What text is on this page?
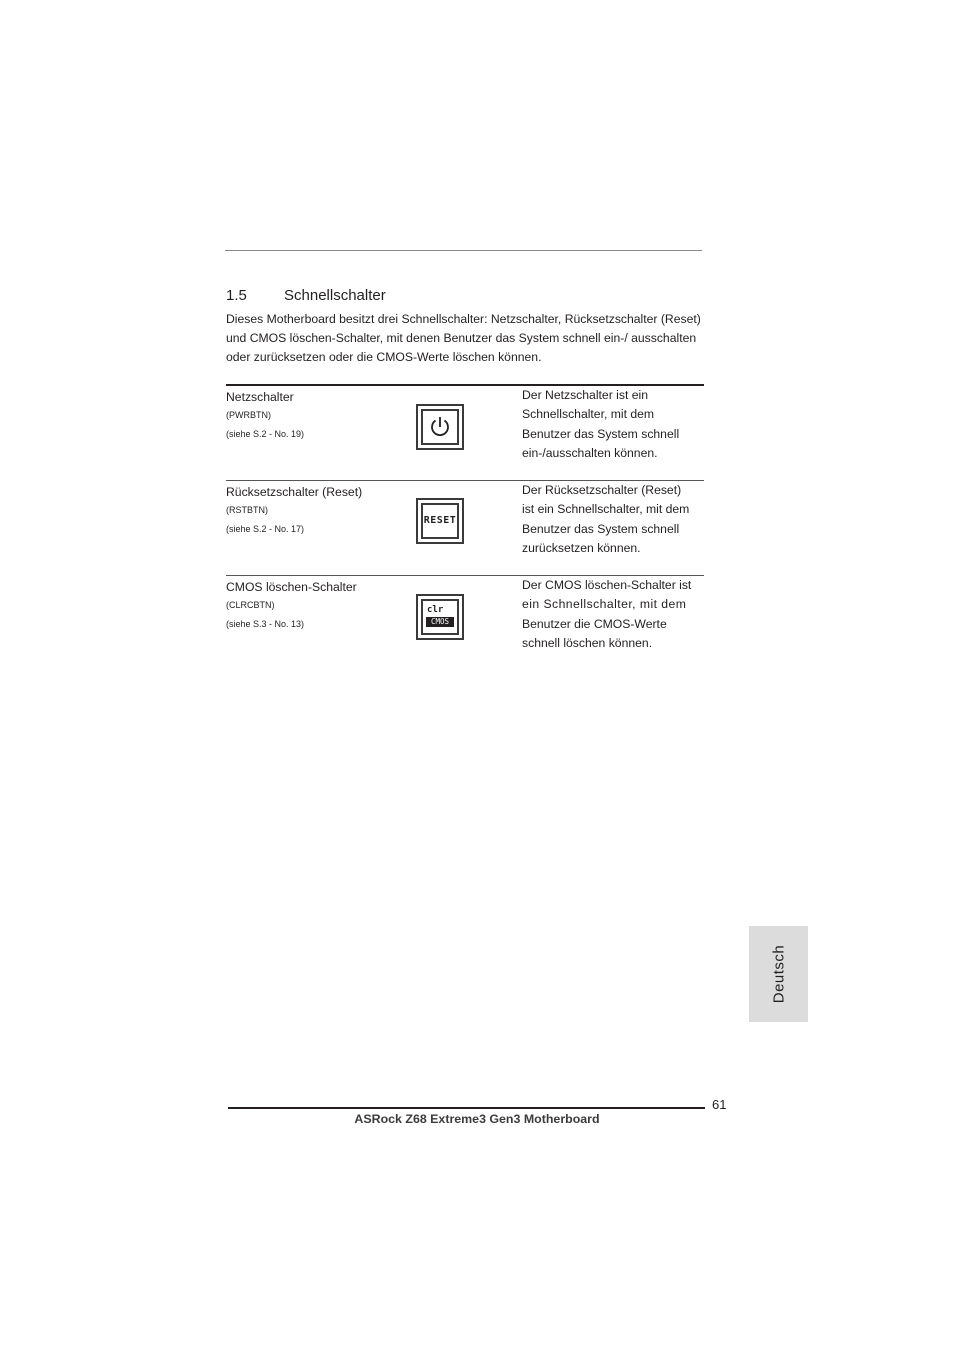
1.5 Schnellschalter
Dieses Motherboard besitzt drei Schnellschalter: Netzschalter, Rücksetzschalter (Reset) und CMOS löschen-Schalter, mit denen Benutzer das System schnell ein-/ ausschalten oder zurücksetzen oder die CMOS-Werte löschen können.
Netzschalter
(PWRBTN)
(siehe S.2 - No. 19)
Der Netzschalter ist ein
Schnellschalter, mit dem
Benutzer das System schnell
ein-/ausschalten können.
Rücksetzschalter (Reset)
(RSTBTN)
(siehe S.2 - No. 17)
RESET
Der Rücksetzschalter (Reset)
ist ein Schnellschalter, mit dem
Benutzer das System schnell
zurücksetzen können.
CMOS löschen-Schalter
(CLRCBTN)
(siehe S.3 - No. 13)
clr
CMOS
Der CMOS löschen-Schalter ist
ein Schnellschalter, mit dem
Benutzer die CMOS-Werte
schnell löschen können.
Deutsch
61
ASRock Z68 Extreme3 Gen3 Motherboard
